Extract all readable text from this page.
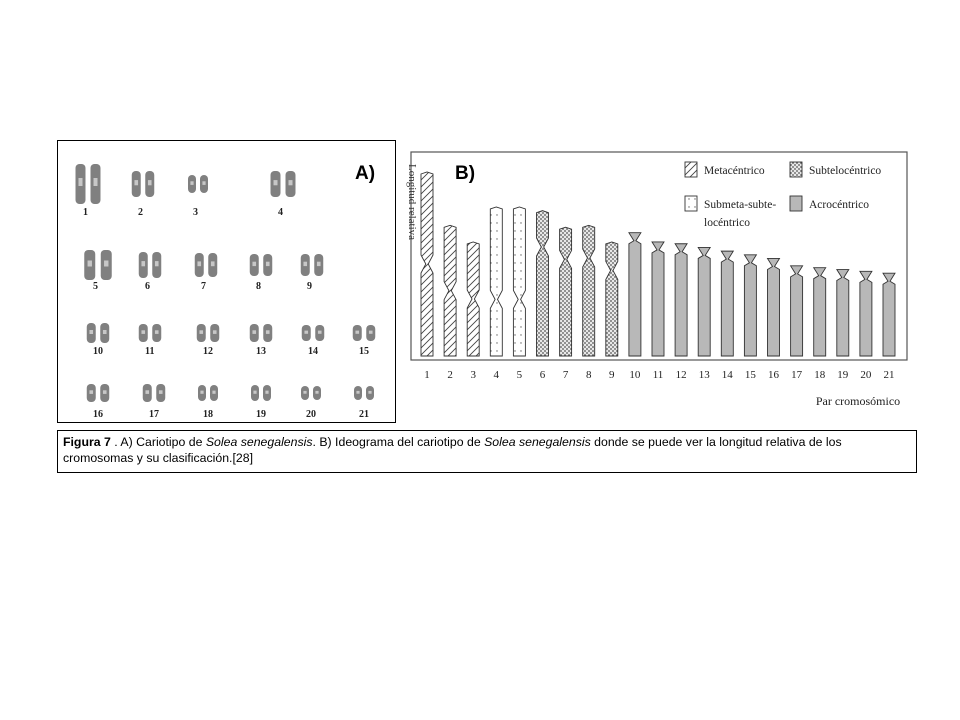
1	2	3	4
5	6	7	8	9
10	11	12	13	14	15
16	17	18	19	20	21
A)
1 2 3 4 5 6 7 8 9 10 11 12 13 14 15 16 17 18 19 20 21
Longitud relativa
Par cromosómico
Metacéntrico	Subtelocéntrico
Submeta-subte-
locéntrico
Acrocéntrico
B)
Figura 7 . A) Cariotipo de Solea senegalensis. B) Ideograma del cariotipo de Solea senegalensis donde se puede ver la longitud relativa de los cromosomas y su clasificación.[28]
